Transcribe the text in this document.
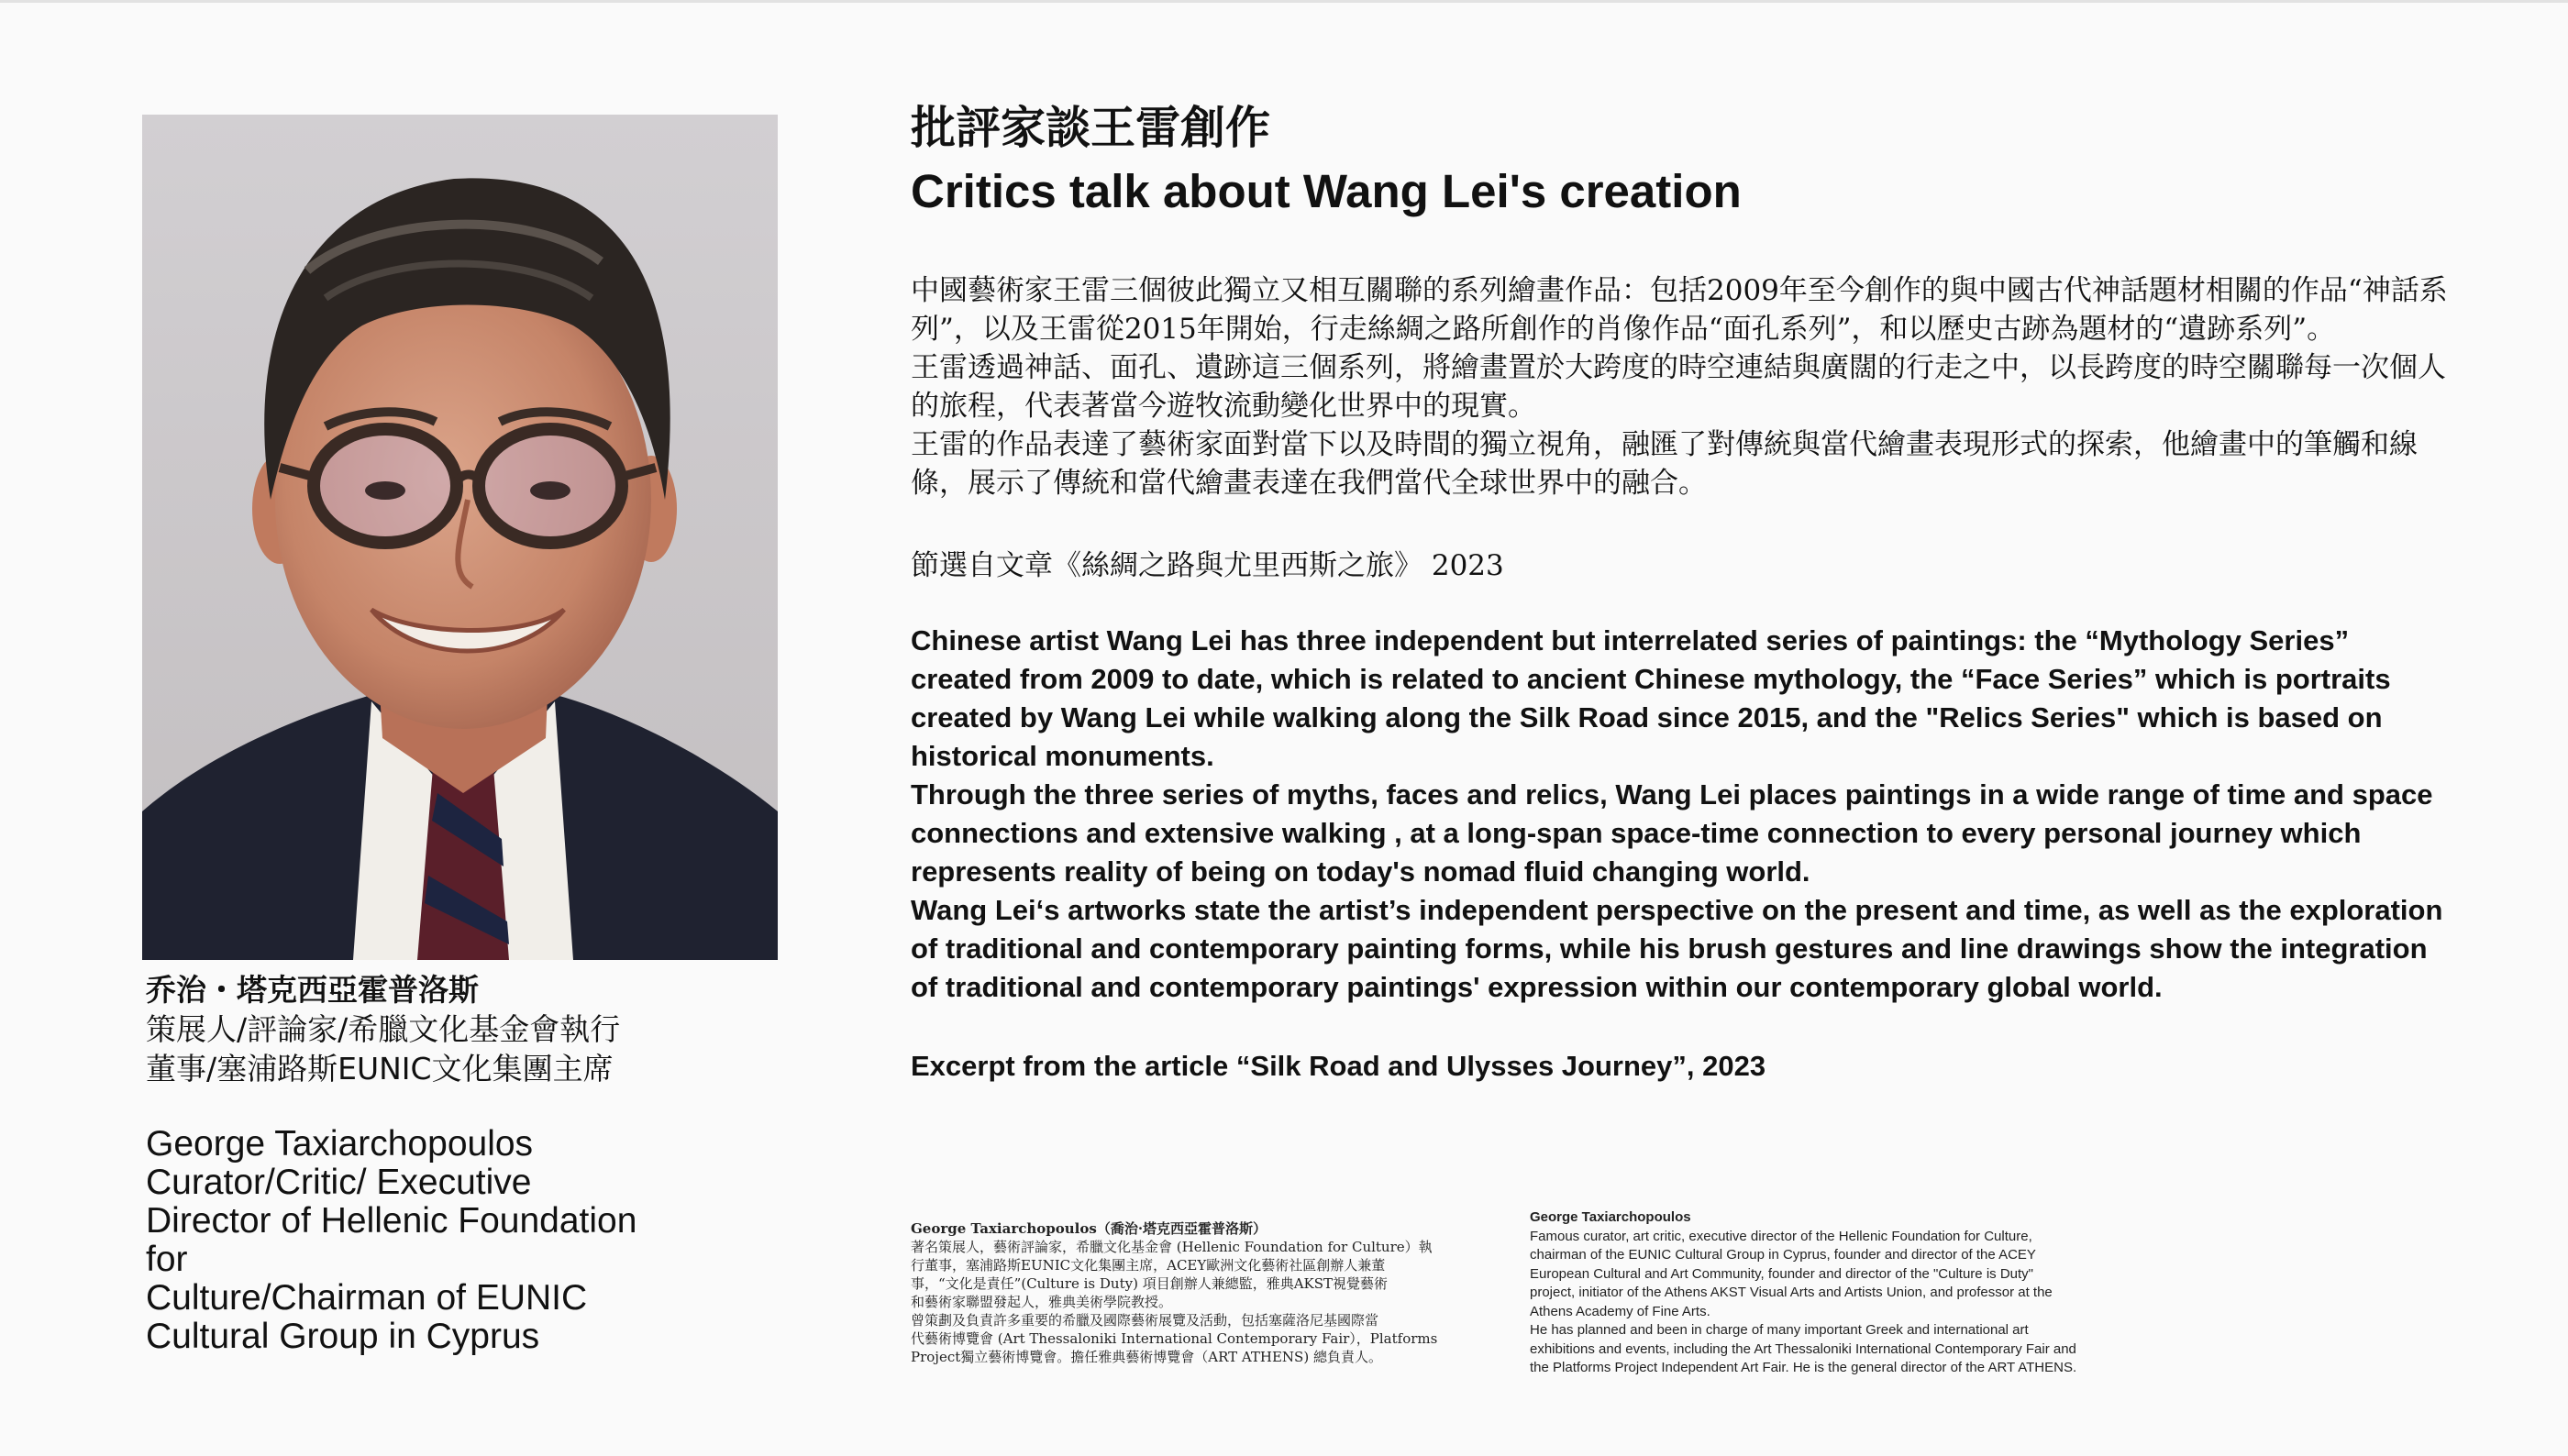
乔治・塔克西亞霍普洛斯

策展人/評論家/希臘文化基金會執行

董事/塞浦路斯EUNIC文化集團主席

George Taxiarchopoulos
Curator/Critic/ Executive
Director of Hellenic Foundation
for
Culture/Chairman of EUNIC
Cultural Group in Cyprus
批評家談王雷創作
Critics talk about Wang Lei's creation

中國藝術家王雷三個彼此獨立又相互關聯的系列繪畫作品：包括2009年至今創作的與中國古代神話題材相關的作品“神話系列”，以及王雷從2015年開始，行走絲綢之路所創作的肖像作品“面孔系列”，和以歷史古跡為題材的“遺跡系列”。

王雷透過神話、面孔、遺跡這三個系列，將繪畫置於大跨度的時空連結與廣闊的行走之中，以長跨度的時空關聯每一次個人的旅程，代表著當今遊牧流動變化世界中的現實。

王雷的作品表達了藝術家面對當下以及時間的獨立視角，融匯了對傳統與當代繪畫表現形式的探索，他繪畫中的筆觸和線條，展示了傳統和當代繪畫表達在我們當代全球世界中的融合。

節選自文章《絲綢之路與尤里西斯之旅》 2023

Chinese artist Wang Lei has three independent but interrelated series of paintings: the “Mythology Series” created from 2009 to date, which is related to ancient Chinese mythology, the “Face Series” which is portraits created by Wang Lei while walking along the Silk Road since 2015, and the "Relics Series" which is based on historical monuments.

Through the three series of myths, faces and relics, Wang Lei places paintings in a wide range of time and space connections and extensive walking , at a long-span space-time connection to every personal journey which represents reality of being on today's nomad fluid changing world.

Wang Lei‘s artworks state the artist’s independent perspective on the present and time, as well as the exploration of traditional and contemporary painting forms, while his brush gestures and line drawings show the integration of traditional and contemporary paintings' expression within our contemporary global world.

Excerpt from the article “Silk Road and Ulysses Journey”, 2023

George Taxiarchopoulos（喬治·塔克西亞霍普洛斯）

著名策展人，藝術評論家，希臘文化基金會 (Hellenic Foundation for Culture）執

行董事，塞浦路斯EUNIC文化集團主席，ACEY歐洲文化藝術社區創辦人兼董

事，“文化是責任”(Culture is Duty) 項目創辦人兼總監，雅典AKST視覺藝術

和藝術家聯盟發起人，雅典美術學院教授。

曾策劃及負責許多重要的希臘及國際藝術展覽及活動，包括塞薩洛尼基國際當

代藝術博覽會 (Art Thessaloniki International Contemporary Fair），Platforms

Project獨立藝術博覽會。擔任雅典藝術博覽會（ART ATHENS) 總負責人。

George Taxiarchopoulos

Famous curator, art critic, executive director of the Hellenic Foundation for Culture,

chairman of the EUNIC Cultural Group in Cyprus, founder and director of the ACEY

European Cultural and Art Community, founder and director of the "Culture is Duty"

project, initiator of the Athens AKST Visual Arts and Artists Union, and professor at the

Athens Academy of Fine Arts.

He has planned and been in charge of many important Greek and international art

exhibitions and events, including the Art Thessaloniki International Contemporary Fair and

the Platforms Project Independent Art Fair. He is the general director of the ART ATHENS.
